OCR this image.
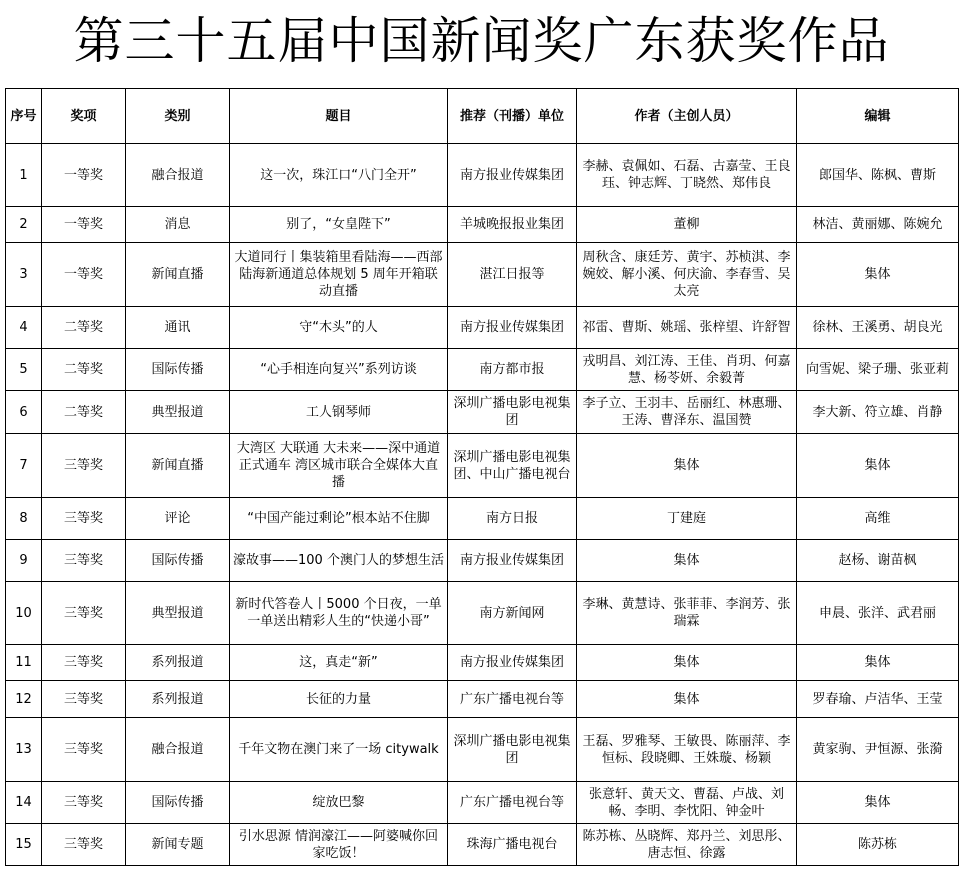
第三十五届中国新闻奖广东获奖作品
序号	奖项	类别	题目	推荐（刊播）单位	作者（主创人员）	编辑
1	一等奖	融合报道	这一次，珠江口“八门全开”	南方报业传媒集团	李赫、袁佩如、石磊、古嘉莹、王良珏、钟志辉、丁晓然、郑伟良	郎国华、陈枫、曹斯
2	一等奖	消息	别了，“女皇陛下”	羊城晚报报业集团	董柳	林洁、黄丽娜、陈婉允
3	一等奖	新闻直播	大道同行丨集装箱里看陆海——西部陆海新通道总体规划 5 周年开箱联动直播	湛江日报等	周秋含、康廷芳、黄宇、苏桢淇、李婉姣、解小溪、何庆渝、李春雪、吴太亮	集体
4	二等奖	通讯	守“木头”的人	南方报业传媒集团	祁雷、曹斯、姚瑶、张梓望、许舒智	徐林、王溪勇、胡良光
5	二等奖	国际传播	“心手相连向复兴”系列访谈	南方都市报	戎明昌、刘江涛、王佳、肖玥、何嘉慧、杨苓妍、余毅菁	向雪妮、梁子珊、张亚莉
6	二等奖	典型报道	工人钢琴师	深圳广播电影电视集团	李子立、王羽丰、岳丽红、林惠珊、王涛、曹泽东、温国赞	李大新、符立雄、肖静
7	三等奖	新闻直播	大湾区 大联通 大未来——深中通道正式通车 湾区城市联合全媒体大直播	深圳广播电影电视集团、中山广播电视台	集体	集体
8	三等奖	评论	“中国产能过剩论”根本站不住脚	南方日报	丁建庭	高维
9	三等奖	国际传播	濠故事——100 个澳门人的梦想生活	南方报业传媒集团	集体	赵杨、谢苗枫
10	三等奖	典型报道	新时代答卷人丨5000 个日夜，一单一单送出精彩人生的“快递小哥”	南方新闻网	李琳、黄慧诗、张菲菲、李润芳、张瑞霖	申晨、张洋、武君丽
11	三等奖	系列报道	这，真走“新”	南方报业传媒集团	集体	集体
12	三等奖	系列报道	长征的力量	广东广播电视台等	集体	罗春瑜、卢洁华、王莹
13	三等奖	融合报道	千年文物在澳门来了一场 citywalk	深圳广播电影电视集团	王磊、罗雅琴、王敏畏、陈丽萍、李恒标、段晓卿、王姝璇、杨颖	黄家驹、尹恒源、张漪
14	三等奖	国际传播	绽放巴黎	广东广播电视台等	张意轩、黄天文、曹磊、卢战、刘畅、李明、李忱阳、钟金叶	集体
15	三等奖	新闻专题	引水思源 情润濠江——阿婆喊你回家吃饭！	珠海广播电视台	陈苏栋、丛晓辉、郑丹兰、刘思彤、唐志恒、徐露	陈苏栋
